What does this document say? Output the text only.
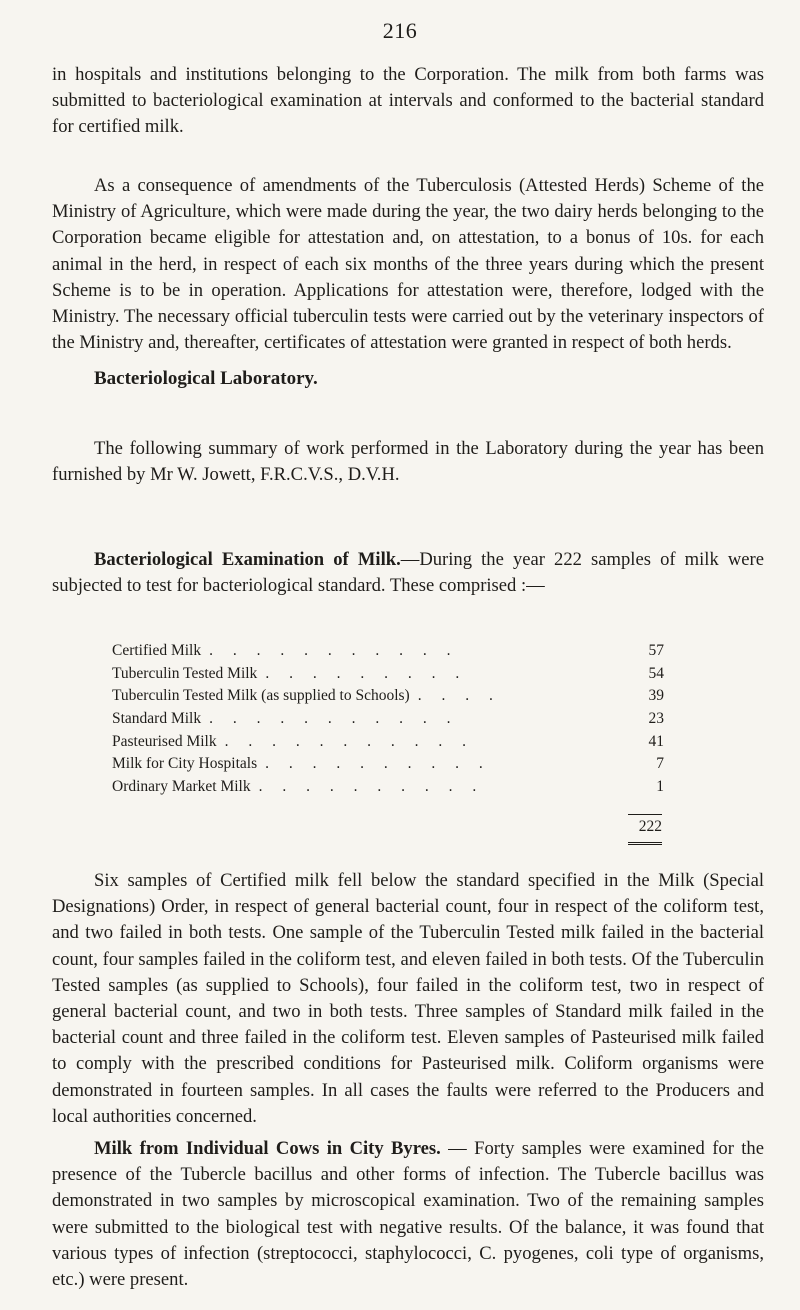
216

in hospitals and institutions belonging to the Corporation. The milk from both farms was submitted to bacteriological examination at intervals and conformed to the bacterial standard for certified milk.

As a consequence of amendments of the Tuberculosis (Attested Herds) Scheme of the Ministry of Agriculture, which were made during the year, the two dairy herds belonging to the Corporation became eligible for attestation and, on attestation, to a bonus of 10s. for each animal in the herd, in respect of each six months of the three years during which the present Scheme is to be in operation. Applications for attestation were, therefore, lodged with the Ministry. The necessary official tuberculin tests were carried out by the veterinary inspectors of the Ministry and, thereafter, certificates of attestation were granted in respect of both herds.

Bacteriological Laboratory.

The following summary of work performed in the Laboratory during the year has been furnished by Mr W. Jowett, F.R.C.V.S., D.V.H.

Bacteriological Examination of Milk.—During the year 222 samples of milk were subjected to test for bacteriological standard. These comprised :—

Certified Milk . . . . . . . . . . .	57
Tuberculin Tested Milk . . . . . . . . .	54
Tuberculin Tested Milk (as supplied to Schools) . . . .	39
Standard Milk . . . . . . . . . . .	23
Pasteurised Milk . . . . . . . . . . .	41
Milk for City Hospitals . . . . . . . . . .	7
Ordinary Market Milk . . . . . . . . . .	1
222

Six samples of Certified milk fell below the standard specified in the Milk (Special Designations) Order, in respect of general bacterial count, four in respect of the coliform test, and two failed in both tests. One sample of the Tuberculin Tested milk failed in the bacterial count, four samples failed in the coliform test, and eleven failed in both tests. Of the Tuberculin Tested samples (as supplied to Schools), four failed in the coliform test, two in respect of general bacterial count, and two in both tests. Three samples of Standard milk failed in the bacterial count and three failed in the coliform test. Eleven samples of Pasteurised milk failed to comply with the prescribed conditions for Pasteurised milk. Coliform organisms were demonstrated in fourteen samples. In all cases the faults were referred to the Producers and local authorities concerned.

Milk from Individual Cows in City Byres. — Forty samples were examined for the presence of the Tubercle bacillus and other forms of infection. The Tubercle bacillus was demonstrated in two samples by microscopical examination. Two of the remaining samples were submitted to the biological test with negative results. Of the balance, it was found that various types of infection (streptococci, staphylococci, C. pyogenes, coli type of organisms, etc.) were present.
